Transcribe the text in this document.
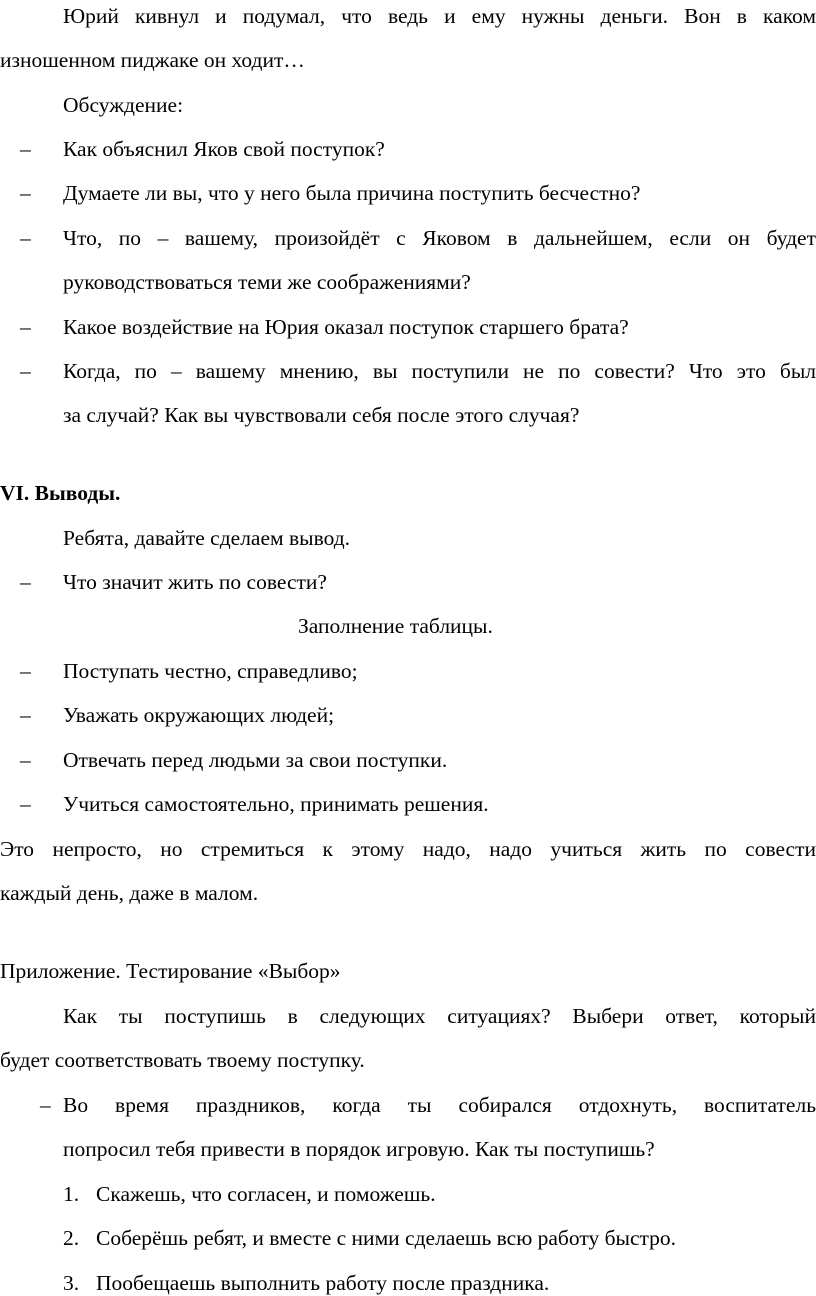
Юрий кивнул и подумал, что ведь и ему нужны деньги. Вон в каком
изношенном пиджаке он ходит…
Обсуждение:
– Как объяснил Яков свой поступок?
– Думаете ли вы, что у него была причина поступить бесчестно?
– Что, по – вашему, произойдёт с Яковом в дальнейшем, если он будет
руководствоваться теми же соображениями?
– Какое воздействие на Юрия оказал поступок старшего брата?
– Когда, по – вашему мнению, вы поступили не по совести? Что это был
за случай? Как вы чувствовали себя после этого случая?
VI. Выводы.
Ребята, давайте сделаем вывод.
– Что значит жить по совести?
Заполнение таблицы.
– Поступать честно, справедливо;
– Уважать окружающих людей;
– Отвечать перед людьми за свои поступки.
– Учиться самостоятельно, принимать решения.
Это непросто, но стремиться к этому надо, надо учиться жить по совести
каждый день, даже в малом.
Приложение. Тестирование «Выбор»
Как ты поступишь в следующих ситуациях? Выбери ответ, который
будет соответствовать твоему поступку.
– Во время праздников, когда ты собирался отдохнуть, воспитатель
попросил тебя привести в порядок игровую. Как ты поступишь?
1. Скажешь, что согласен, и поможешь.
2. Соберёшь ребят, и вместе с ними сделаешь всю работу быстро.
3. Пообещаешь выполнить работу после праздника.
